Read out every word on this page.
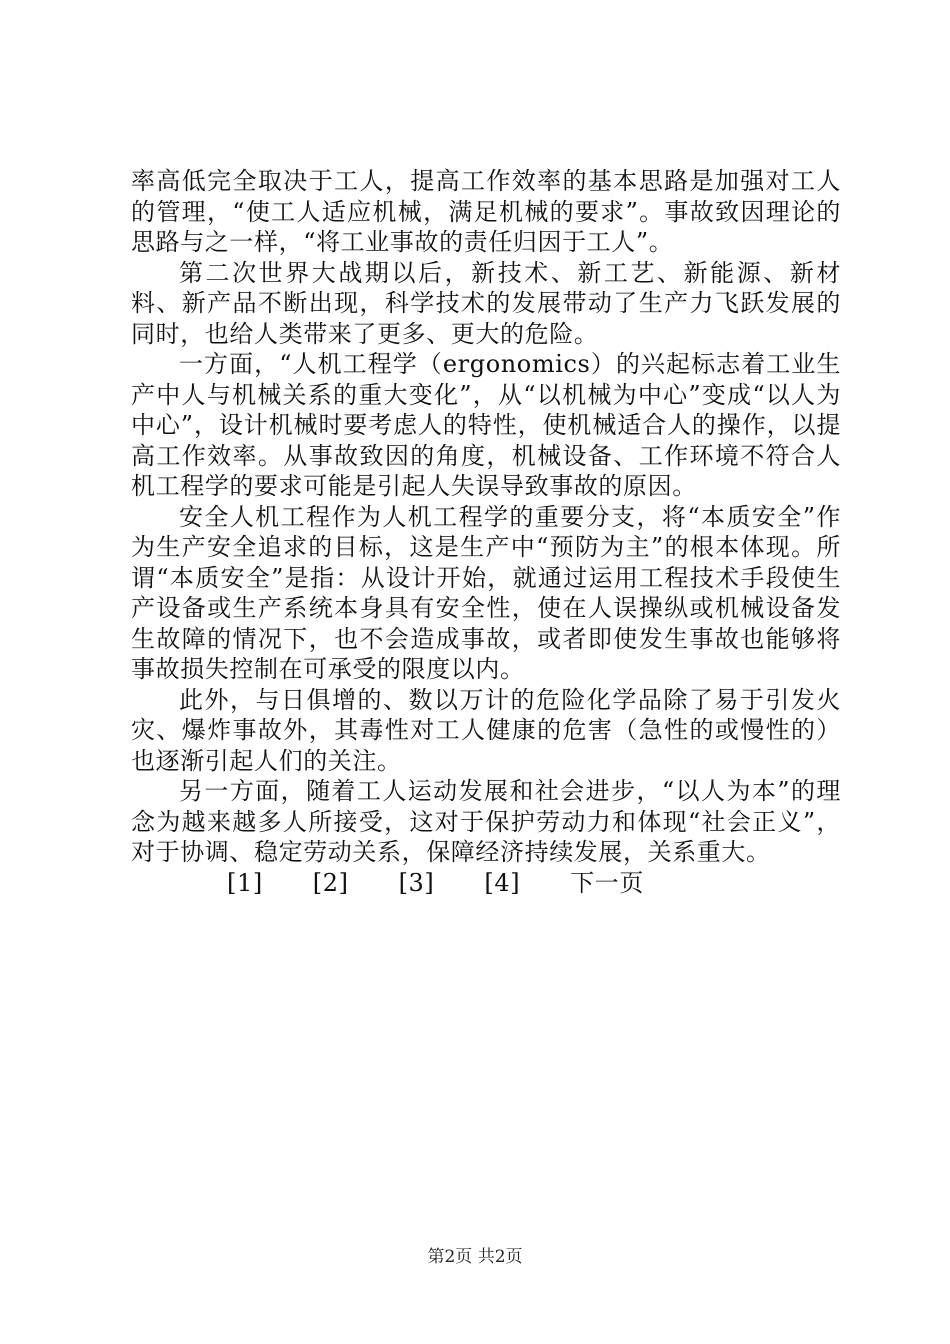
率高低完全取决于工人，提高工作效率的基本思路是加强对工人的管理，“使工人适应机械，满足机械的要求”。事故致因理论的思路与之一样，“将工业事故的责任归因于工人”。

第二次世界大战期以后，新技术、新工艺、新能源、新材料、新产品不断出现，科学技术的发展带动了生产力飞跃发展的同时，也给人类带来了更多、更大的危险。

一方面，“人机工程学（ergonomics）的兴起标志着工业生产中人与机械关系的重大变化”，从“以机械为中心”变成“以人为中心”，设计机械时要考虑人的特性，使机械适合人的操作，以提高工作效率。从事故致因的角度，机械设备、工作环境不符合人机工程学的要求可能是引起人失误导致事故的原因。

安全人机工程作为人机工程学的重要分支，将“本质安全”作为生产安全追求的目标，这是生产中“预防为主”的根本体现。所谓“本质安全”是指：从设计开始，就通过运用工程技术手段使生产设备或生产系统本身具有安全性，使在人误操纵或机械设备发生故障的情况下，也不会造成事故，或者即使发生事故也能够将事故损失控制在可承受的限度以内。

此外，与日俱增的、数以万计的危险化学品除了易于引发火灾、爆炸事故外，其毒性对工人健康的危害（急性的或慢性的）也逐渐引起人们的关注。

另一方面，随着工人运动发展和社会进步，“以人为本”的理念为越来越多人所接受，这对于保护劳动力和体现“社会正义”，对于协调、稳定劳动关系，保障经济持续发展，关系重大。

[1]	[2]	[3]	[4]	下一页

第2页 共2页
